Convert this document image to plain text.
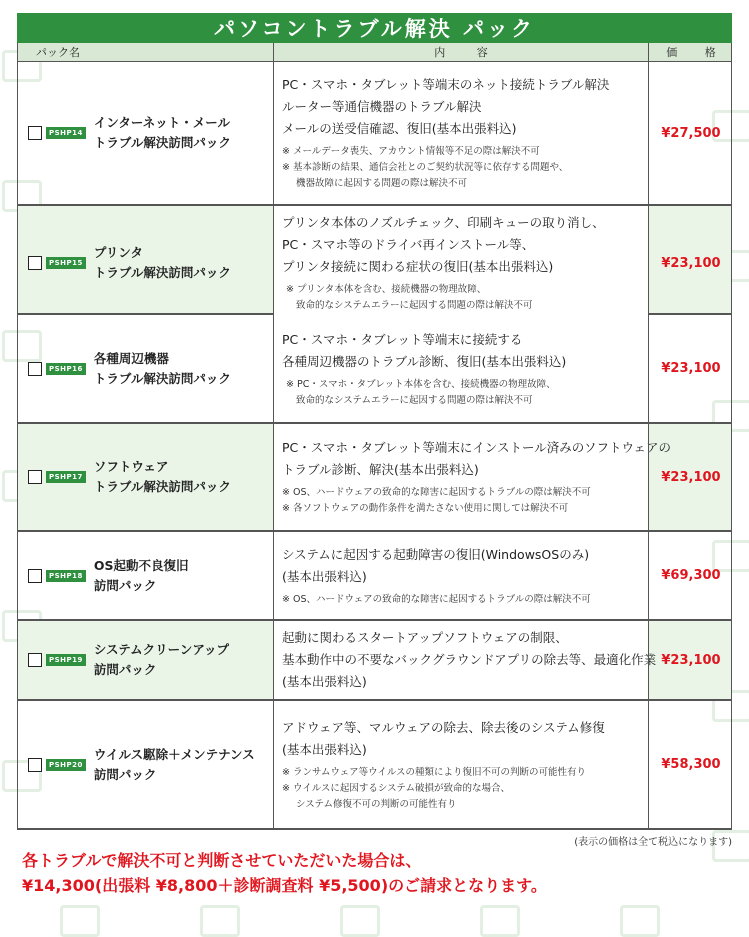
パソコントラブル解決 パック
パック名	内 容	価 格
PSHP14
インターネット・メール
トラブル解決訪問パック
PC・スマホ・タブレット等端末のネット接続トラブル解決
ルーター等通信機器のトラブル解決
メールの送受信確認、復旧(基本出張料込)
※ メールデータ喪失、アカウント情報等不足の際は解決不可
※ 基本診断の結果、通信会社とのご契約状況等に依存する問題や、
機器故障に起因する問題の際は解決不可
¥27,500
PSHP15
プリンタ
トラブル解決訪問パック
プリンタ本体のノズルチェック、印刷キューの取り消し、
PC・スマホ等のドライバ再インストール等、
プリンタ接続に関わる症状の復旧(基本出張料込)
※ プリンタ本体を含む、接続機器の物理故障、
致命的なシステムエラーに起因する問題の際は解決不可
¥23,100
PSHP16
各種周辺機器
トラブル解決訪問パック
PC・スマホ・タブレット等端末に接続する
各種周辺機器のトラブル診断、復旧(基本出張料込)
※ PC・スマホ・タブレット本体を含む、接続機器の物理故障、
致命的なシステムエラーに起因する問題の際は解決不可
¥23,100
PSHP17
ソフトウェア
トラブル解決訪問パック
PC・スマホ・タブレット等端末にインストール済みのソフトウェアの
トラブル診断、解決(基本出張料込)
※ OS、ハードウェアの致命的な障害に起因するトラブルの際は解決不可
※ 各ソフトウェアの動作条件を満たさない使用に関しては解決不可
¥23,100
PSHP18
OS起動不良復旧
訪問パック
システムに起因する起動障害の復旧(WindowsOSのみ)
(基本出張料込)
※ OS、ハードウェアの致命的な障害に起因するトラブルの際は解決不可
¥69,300
PSHP19
システムクリーンアップ
訪問パック
起動に関わるスタートアップソフトウェアの制限、
基本動作中の不要なバックグラウンドアプリの除去等、最適化作業
(基本出張料込)
¥23,100
PSHP20
ウイルス駆除＋メンテナンス
訪問パック
アドウェア等、マルウェアの除去、除去後のシステム修復
(基本出張料込)
※ ランサムウェア等ウイルスの種類により復旧不可の判断の可能性有り
※ ウイルスに起因するシステム破損が致命的な場合、
システム修復不可の判断の可能性有り
¥58,300
(表示の価格は全て税込になります)
各トラブルで解決不可と判断させていただいた場合は、
¥14,300(出張料 ¥8,800＋診断調査料 ¥5,500)のご請求となります。
